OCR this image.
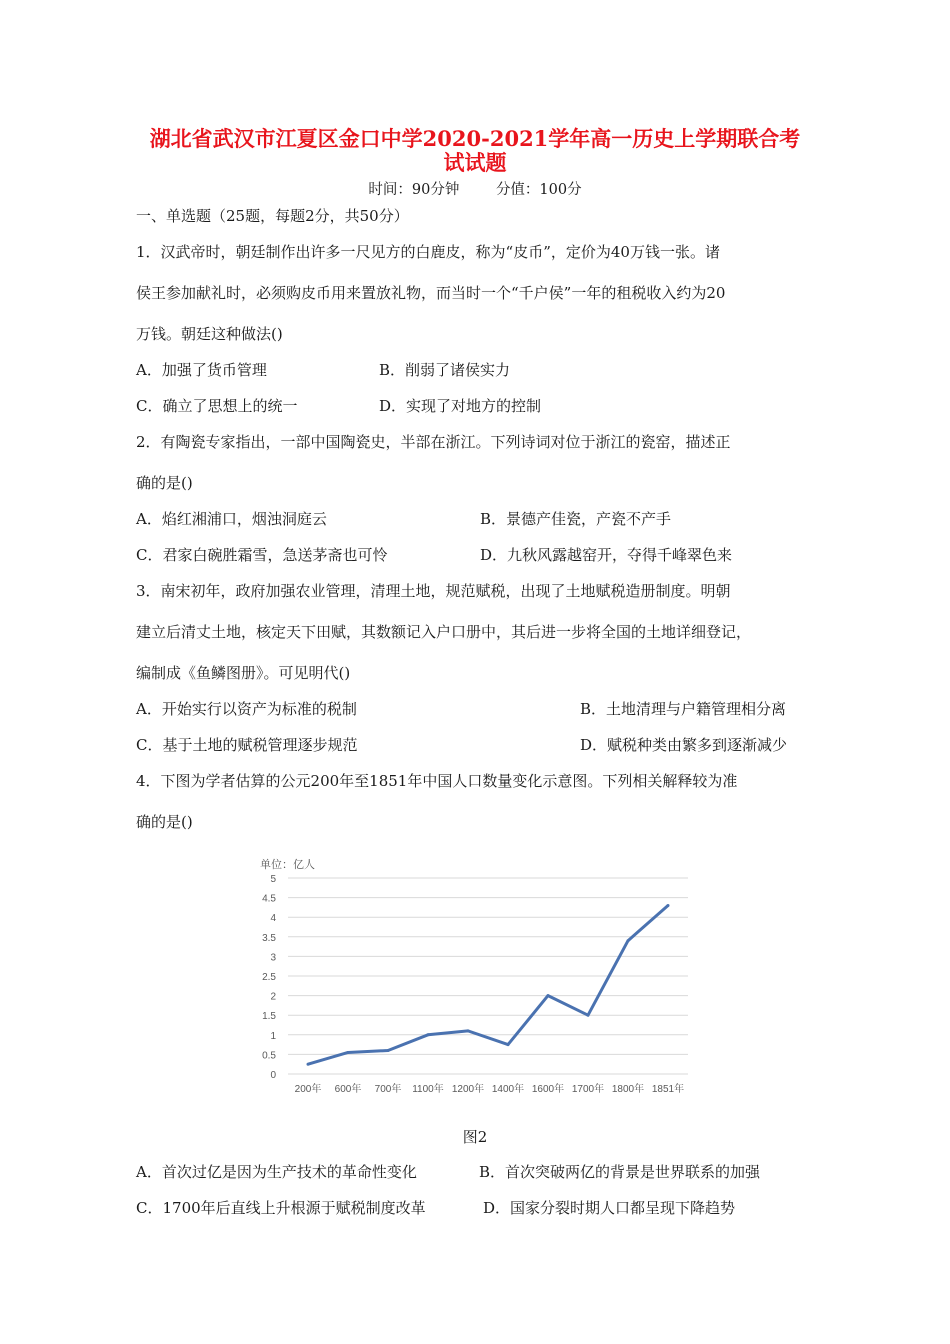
湖北省武汉市江夏区金口中学2020-2021学年高一历史上学期联合考
试试题
时间：90分钟	分值：100分
一、单选题（25题，每题2分，共50分）
1．汉武帝时，朝廷制作出许多一尺见方的白鹿皮，称为“皮币”，定价为40万钱一张。诸
侯王参加献礼时，必须购皮币用来置放礼物，而当时一个“千户侯”一年的租税收入约为20
万钱。朝廷这种做法()
A．加强了货币管理	B．削弱了诸侯实力
C．确立了思想上的统一	D．实现了对地方的控制
2．有陶瓷专家指出，一部中国陶瓷史，半部在浙江。下列诗词对位于浙江的瓷窑，描述正
确的是()
A．焰红湘浦口，烟浊洞庭云	B．景德产佳瓷，产瓷不产手
C．君家白碗胜霜雪，急送茅斋也可怜	D．九秋风露越窑开，夺得千峰翠色来
3．南宋初年，政府加强农业管理，清理土地，规范赋税，出现了土地赋税造册制度。明朝
建立后清丈土地，核定天下田赋，其数额记入户口册中，其后进一步将全国的土地详细登记，
编制成《鱼鳞图册》。可见明代()
A．开始实行以资产为标准的税制	B．土地清理与户籍管理相分离
C．基于土地的赋税管理逐步规范	D．赋税种类由繁多到逐渐减少
4．下图为学者估算的公元200年至1851年中国人口数量变化示意图。下列相关解释较为准
确的是()
单位：亿人
0
0.5
1
1.5
2
2.5
3
3.5
4
4.5
5
200年 600年 700年 1100年 1200年 1400年 1600年 1700年 1800年 1851年
图2
A．首次过亿是因为生产技术的革命性变化	B．首次突破两亿的背景是世界联系的加强
C．1700年后直线上升根源于赋税制度改革	D．国家分裂时期人口都呈现下降趋势
